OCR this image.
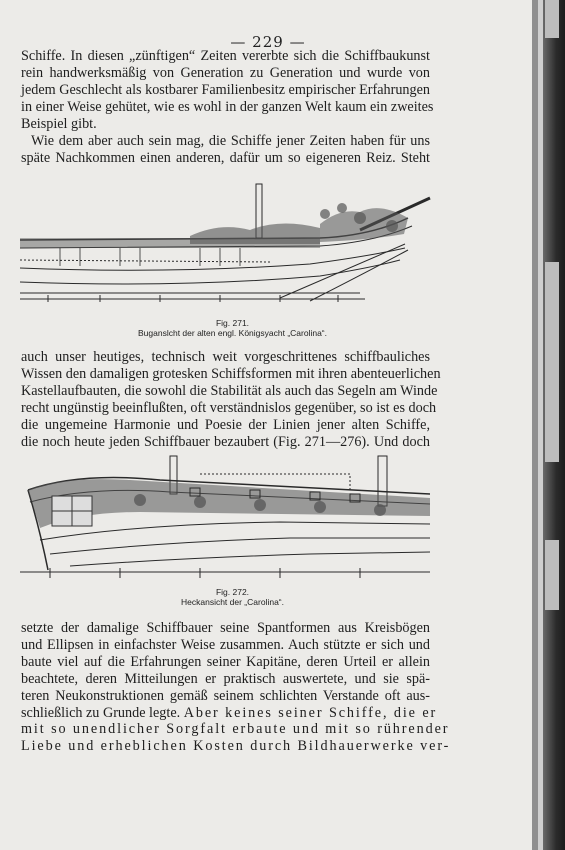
— 229 —

Schiffe. In diesen „zünftigen“ Zeiten vererbte sich die Schiffbaukunst
rein handwerksmäßig von Generation zu Generation und wurde von
jedem Geschlecht als kostbarer Familienbesitz empirischer Erfahrungen
in einer Weise gehütet, wie es wohl in der ganzen Welt kaum ein zweites
Beispiel gibt.

Wie dem aber auch sein mag, die Schiffe jener Zeiten haben für uns
späte Nachkommen einen anderen, dafür um so eigeneren Reiz. Steht

Fig. 271.
Buganslcht der alten engl. Königsyacht „Carolina“.

auch unser heutiges, technisch weit vorgeschrittenes schiffbauliches
Wissen den damaligen grotesken Schiffsformen mit ihren abenteuerlichen
Kastellaufbauten, die sowohl die Stabilität als auch das Segeln am Winde
recht ungünstig beeinflußten, oft verständnislos gegenüber, so ist es doch
die ungemeine Harmonie und Poesie der Linien jener alten Schiffe,
die noch heute jeden Schiffbauer bezaubert (Fig. 271—276). Und doch

Fig. 272.
Heckansicht der „Carolina“.

setzte der damalige Schiffbauer seine Spantformen aus Kreisbögen
und Ellipsen in einfachster Weise zusammen. Auch stützte er sich und
baute viel auf die Erfahrungen seiner Kapitäne, deren Urteil er allein
beachtete, deren Mitteilungen er praktisch auswertete, und sie spä-
teren Neukonstruktionen gemäß seinem schlichten Verstande oft aus-
schließlich zu Grunde legte. Aber keines seiner Schiffe, die er
mit so unendlicher Sorgfalt erbaute und mit so rührender
Liebe und erheblichen Kosten durch Bildhauerwerke ver-
